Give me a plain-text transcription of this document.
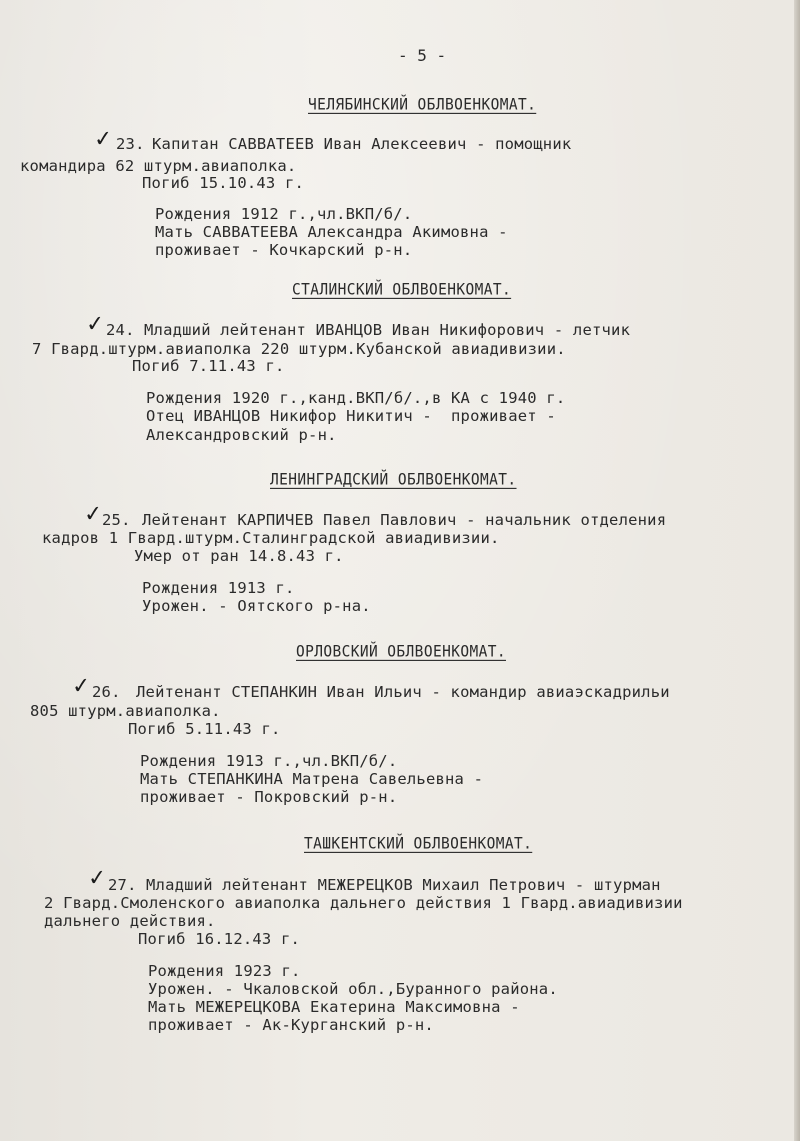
- 5 -
ЧЕЛЯБИНСКИЙ ОБЛВОЕНКОМАТ.
✓ 23. Капитан САВВАТЕЕВ Иван Алексеевич - помощник
командира 62 штурм.авиаполка.
Погиб 15.10.43 г.
Рождения 1912 г.,чл.ВКП/б/.
Мать САВВАТЕЕВА Александра Акимовна -
проживает - Кочкарский р-н.
СТАЛИНСКИЙ ОБЛВОЕНКОМАТ.
✓ 24. Младший лейтенант ИВАНЦОВ Иван Никифорович - летчик
7 Гвард.штурм.авиаполка 220 штурм.Кубанской авиадивизии.
Погиб 7.11.43 г.
Рождения 1920 г.,канд.ВКП/б/.,в КА с 1940 г.
Отец ИВАНЦОВ Никифор Никитич -  проживает -
Александровский р-н.
ЛЕНИНГРАДСКИЙ ОБЛВОЕНКОМАТ.
✓
25. Лейтенант КАРПИЧЕВ Павел Павлович - начальник отделения
кадров 1 Гвард.штурм.Сталинградской авиадивизии.
Умер от ран 14.8.43 г.
Рождения 1913 г.
Урожен. - Оятского р-на.
ОРЛОВСКИЙ ОБЛВОЕНКОМАТ.
✓ 26. Лейтенант СТЕПАНКИН Иван Ильич - командир авиаэскадрильи
805 штурм.авиаполка.
Погиб 5.11.43 г.
Рождения 1913 г.,чл.ВКП/б/.
Мать СТЕПАНКИНА Матрена Савельевна -
проживает - Покровский р-н.
ТАШКЕНТСКИЙ ОБЛВОЕНКОМАТ.
✓ 27. Младший лейтенант МЕЖЕРЕЦКОВ Михаил Петрович - штурман
2 Гвард.Смоленского авиаполка дальнего действия 1 Гвард.авиадивизии
дальнего действия.
Погиб 16.12.43 г.
Рождения 1923 г.
Урожен. - Чкаловской обл.,Буранного района.
Мать МЕЖЕРЕЦКОВА Екатерина Максимовна -
проживает - Ак-Курганский р-н.
